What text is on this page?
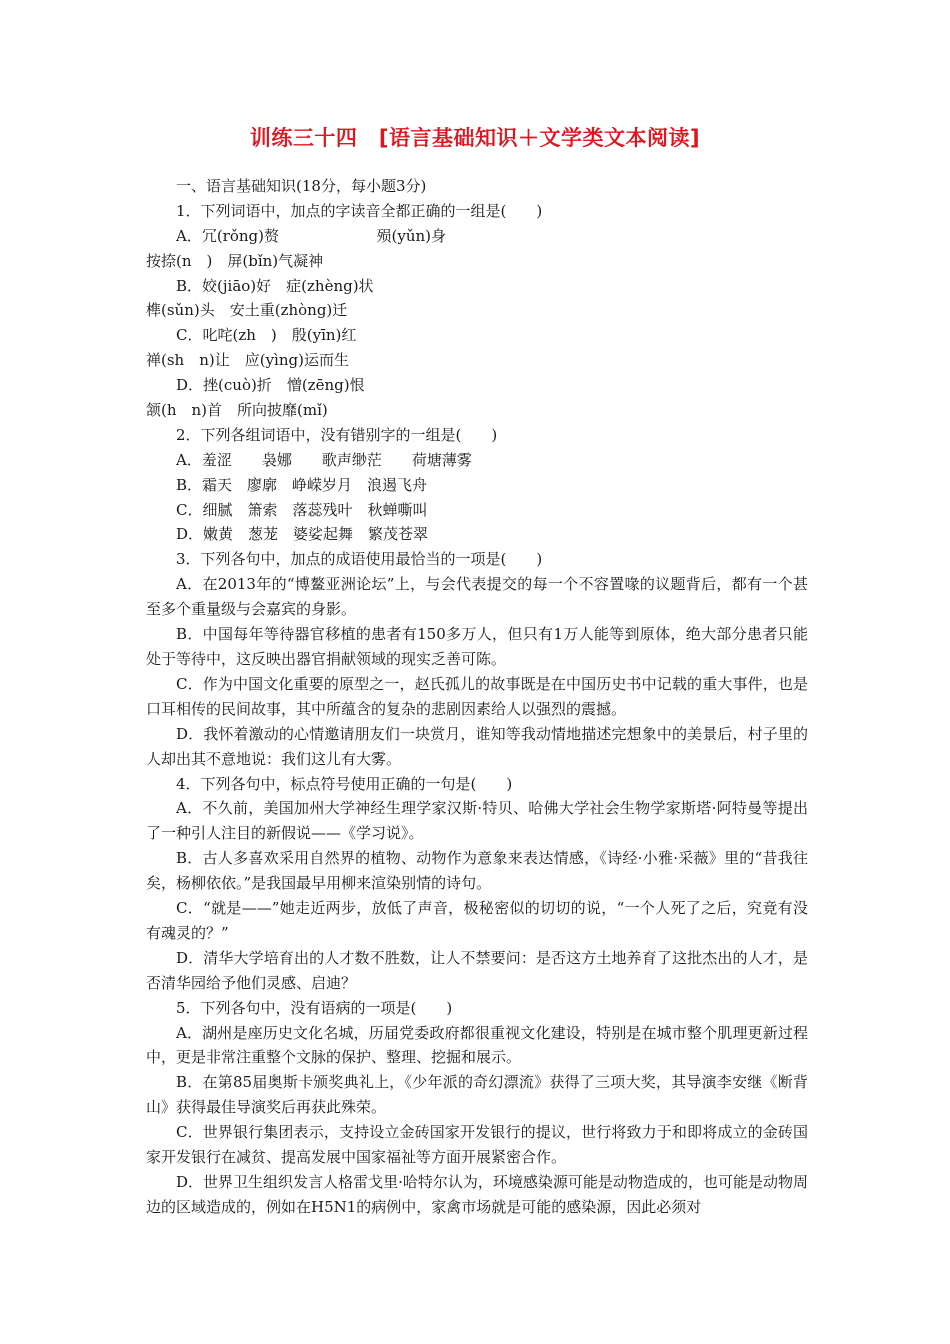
训练三十四　[语言基础知识＋文学类文本阅读]

一、语言基础知识(18分，每小题3分)

1．下列词语中，加点的字读音全都正确的一组是(　　)

A．冗(rǒng)赘	殒(yǔn)身

按捺(n　)　屏(bǐn)气凝神

B．姣(jiāo)好　症(zhèng)状

榫(sǔn)头　安土重(zhòng)迁

C．叱咤(zh　)　殷(yīn)红

禅(sh　n)让　应(yìng)运而生

D．挫(cuò)折　憎(zēng)恨

颔(h　n)首　所向披靡(mǐ)

2．下列各组词语中，没有错别字的一组是(　　)

A．羞涩　　袅娜　　歌声缈茫　　荷塘薄雾

B．霜天　廖廓　峥嵘岁月　浪遏飞舟

C．细腻　箫索　落蕊残叶　秋蝉嘶叫

D．嫩黄　葱茏　婆娑起舞　繁茂苍翠

3．下列各句中，加点的成语使用最恰当的一项是(　　)

A．在2013年的“博鳌亚洲论坛”上，与会代表提交的每一个不容置喙的议题背后，都有一个甚至多个重量级与会嘉宾的身影。

B．中国每年等待器官移植的患者有150多万人，但只有1万人能等到原体，绝大部分患者只能处于等待中，这反映出器官捐献领域的现实乏善可陈。

C．作为中国文化重要的原型之一，赵氏孤儿的故事既是在中国历史书中记载的重大事件，也是口耳相传的民间故事，其中所蕴含的复杂的悲剧因素给人以强烈的震撼。

D．我怀着激动的心情邀请朋友们一块赏月，谁知等我动情地描述完想象中的美景后，村子里的人却出其不意地说：我们这儿有大雾。

4．下列各句中，标点符号使用正确的一句是(　　)

A．不久前，美国加州大学神经生理学家汉斯·特贝、哈佛大学社会生物学家斯塔·阿特曼等提出了一种引人注目的新假说——《学习说》。

B．古人多喜欢采用自然界的植物、动物作为意象来表达情感，《诗经·小雅·采薇》里的“昔我往矣，杨柳依依。”是我国最早用柳来渲染别情的诗句。

C．“就是——”她走近两步，放低了声音，极秘密似的切切的说，“一个人死了之后，究竟有没有魂灵的？”

D．清华大学培育出的人才数不胜数，让人不禁要问：是否这方土地养育了这批杰出的人才，是否清华园给予他们灵感、启迪？

5．下列各句中，没有语病的一项是(　　)

A．湖州是座历史文化名城，历届党委政府都很重视文化建设，特别是在城市整个肌理更新过程中，更是非常注重整个文脉的保护、整理、挖掘和展示。

B．在第85届奥斯卡颁奖典礼上，《少年派的奇幻漂流》获得了三项大奖，其导演李安继《断背山》获得最佳导演奖后再获此殊荣。

C．世界银行集团表示，支持设立金砖国家开发银行的提议，世行将致力于和即将成立的金砖国家开发银行在减贫、提高发展中国家福祉等方面开展紧密合作。

D．世界卫生组织发言人格雷戈里·哈特尔认为，环境感染源可能是动物造成的，也可能是动物周边的区域造成的，例如在H5N1的病例中，家禽市场就是可能的感染源，因此必须对
